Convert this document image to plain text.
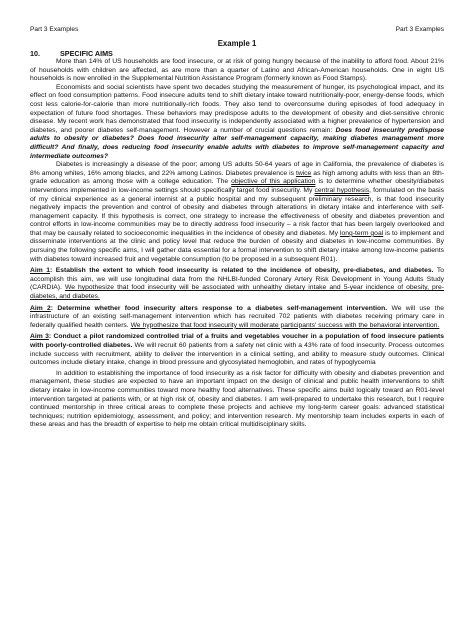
Part 3 Examples	Part 3 Examples
Example 1
10.	SPECIFIC AIMS

More than 14% of US households are food insecure, or at risk of going hungry because of the inability to afford food. About 21% of households with children are affected, as are more than a quarter of Latino and African-American households. One in eight US households is now enrolled in the Supplemental Nutrition Assistance Program (formerly known as Food Stamps).

Economists and social scientists have spent two decades studying the measurement of hunger, its psychological impact, and its effect on food consumption patterns. Food insecure adults tend to shift dietary intake toward nutritionally-poor, energy-dense foods, which cost less calorie-for-calorie than more nutritionally-rich foods. They also tend to overconsume during episodes of food adequacy in expectation of future food shortages. These behaviors may predispose adults to the development of obesity and diet-sensitive chronic disease. My recent work has demonstrated that food insecurity is independently associated with a higher prevalence of hypertension and diabetes, and poorer diabetes self-management. However a number of crucial questions remain: Does food insecurity predispose adults to obesity or diabetes? Does food insecurity alter self-management capacity, making diabetes management more difficult? And finally, does reducing food insecurity enable adults with diabetes to improve self-management capacity and intermediate outcomes?

Diabetes is increasingly a disease of the poor; among US adults 50-64 years of age in California, the prevalence of diabetes is 8% among whites, 16% among blacks, and 22% among Latinos. Diabetes prevalence is twice as high among adults with less than an 8th-grade education as among those with a college education. The objective of this application is to determine whether obesity/diabetes interventions implemented in low-income settings should specifically target food insecurity. My central hypothesis, formulated on the basis of my clinical experience as a general internist at a public hospital and my subsequent preliminary research, is that food insecurity negatively impacts the prevention and control of obesity and diabetes through alterations in dietary intake and interference with self-management capacity. If this hypothesis is correct, one strategy to increase the effectiveness of obesity and diabetes prevention and control efforts in low-income communities may be to directly address food insecurity – a risk factor that has been largely overlooked and that may be causally related to socioeconomic inequalities in the incidence of obesity and diabetes. My long-term goal is to implement and disseminate interventions at the clinic and policy level that reduce the burden of obesity and diabetes in low-income communities. By pursuing the following specific aims, I will gather data essential for a formal intervention to shift dietary intake among low-income patients with diabetes toward increased fruit and vegetable consumption (to be proposed in a subsequent R01).

Aim 1: Establish the extent to which food insecurity is related to the incidence of obesity, pre-diabetes, and diabetes. To accomplish this aim, we will use longitudinal data from the NHLBI-funded Coronary Artery Risk Development in Young Adults Study (CARDIA). We hypothesize that food insecurity will be associated with unhealthy dietary intake and 5-year incidence of obesity, pre-diabetes, and diabetes.

Aim 2: Determine whether food insecurity alters response to a diabetes self-management intervention. We will use the infrastructure of an existing self-management intervention which has recruited 702 patients with diabetes receiving primary care in federally qualified health centers. We hypothesize that food insecurity will moderate participants' success with the behavioral intervention.

Aim 3: Conduct a pilot randomized controlled trial of a fruits and vegetables voucher in a population of food insecure patients with poorly-controlled diabetes. We will recruit 60 patients from a safety net clinic with a 43% rate of food insecurity. Process outcomes include success with recruitment, ability to deliver the intervention in a clinical setting, and ability to measure study outcomes. Clinical outcomes include dietary intake, change in blood pressure and glycosylated hemoglobin, and rates of hypoglycemia

In addition to establishing the importance of food insecurity as a risk factor for difficulty with obesity and diabetes prevention and management, these studies are expected to have an important impact on the design of clinical and public health interventions to shift dietary intake in low-income communities toward more healthy food alternatives. These specific aims build logically toward an R01-level intervention targeted at patients with, or at high risk of, obesity and diabetes. I am well-prepared to undertake this research, but I require continued mentorship in three critical areas to complete these projects and achieve my long-term career goals: advanced statistical techniques; nutrition epidemiology, assessment, and policy; and intervention research. My mentorship team includes experts in each of these areas and has the breadth of expertise to help me obtain critical multidisciplinary skills.
